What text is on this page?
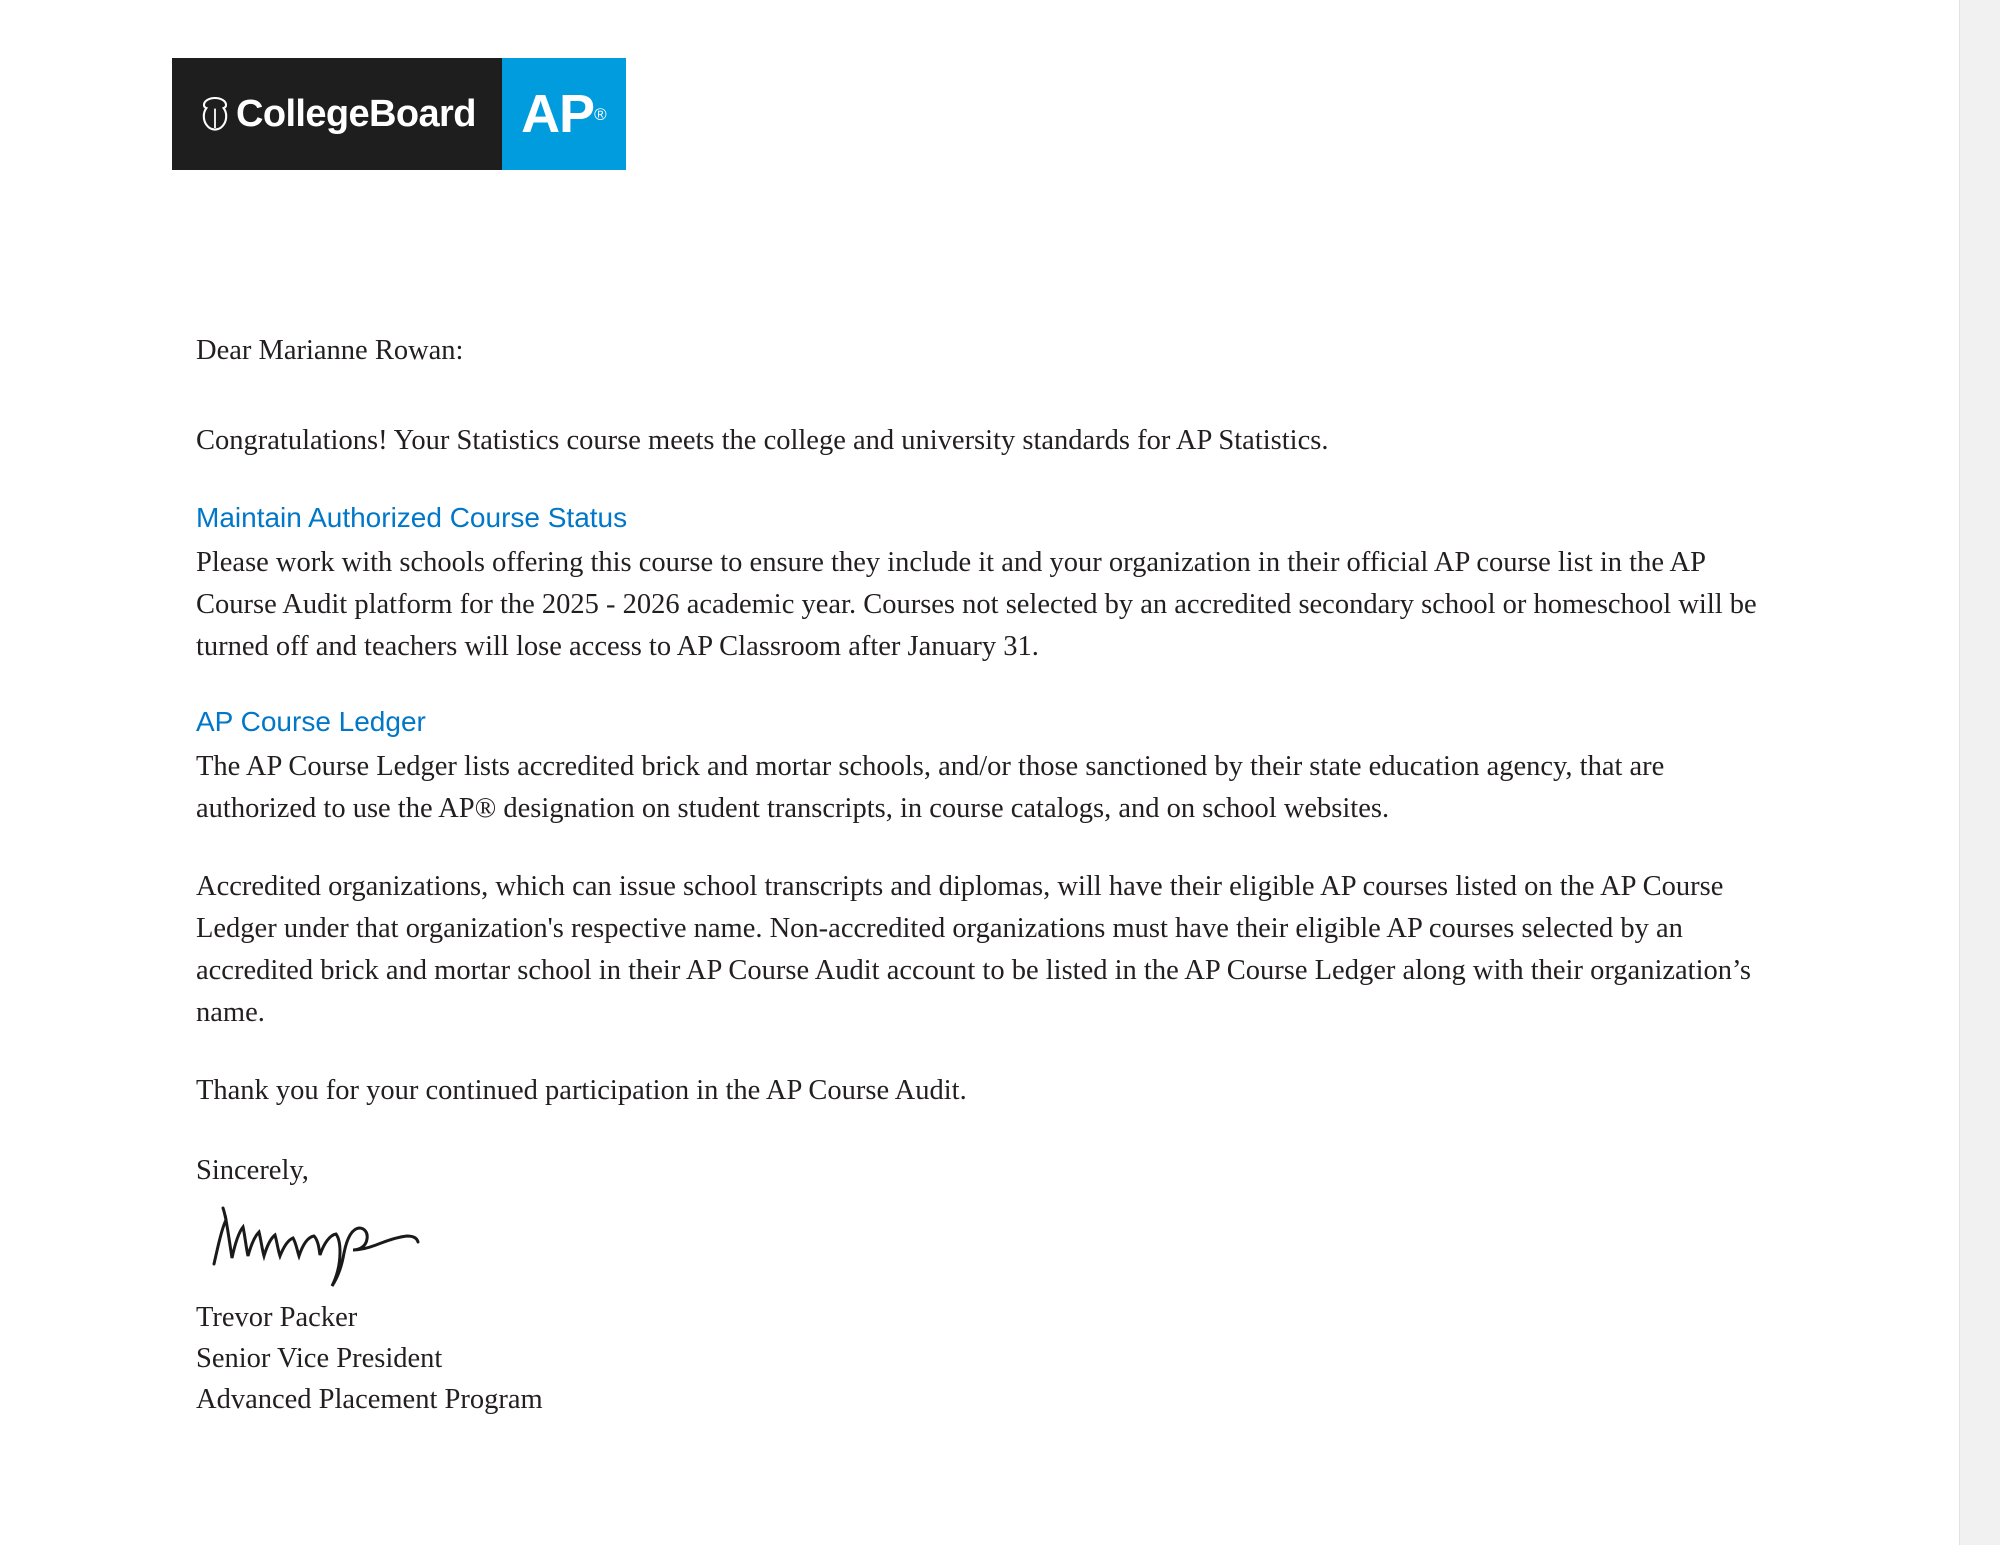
CollegeBoard AP ®

Dear Marianne Rowan:

Congratulations! Your Statistics course meets the college and university standards for AP Statistics.

Maintain Authorized Course Status

Please work with schools offering this course to ensure they include it and your organization in their official AP course list in the AP Course Audit platform for the 2025 - 2026 academic year. Courses not selected by an accredited secondary school or homeschool will be turned off and teachers will lose access to AP Classroom after January 31.

AP Course Ledger

The AP Course Ledger lists accredited brick and mortar schools, and/or those sanctioned by their state education agency, that are authorized to use the AP® designation on student transcripts, in course catalogs, and on school websites.

Accredited organizations, which can issue school transcripts and diplomas, will have their eligible AP courses listed on the AP Course Ledger under that organization's respective name. Non-accredited organizations must have their eligible AP courses selected by an accredited brick and mortar school in their AP Course Audit account to be listed in the AP Course Ledger along with their organization’s name.

Thank you for your continued participation in the AP Course Audit.

Sincerely,

Trevor Packer
Senior Vice President
Advanced Placement Program
